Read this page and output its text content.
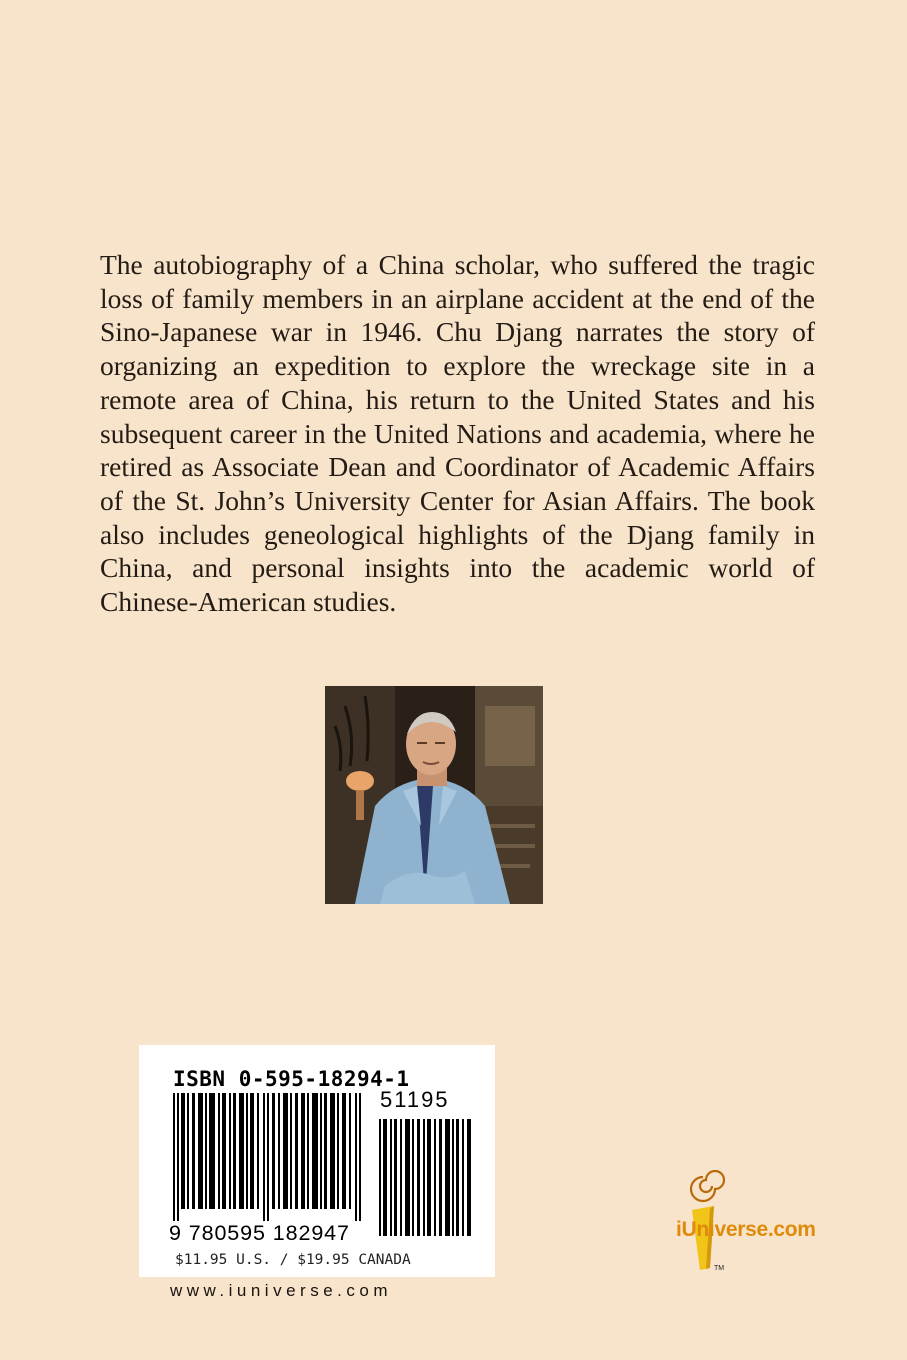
The autobiography of a China scholar, who suffered the tragic loss of family members in an airplane accident at the end of the Sino-Japanese war in 1946. Chu Djang narrates the story of organizing an expedition to explore the wreckage site in a remote area of China, his return to the United States and his subsequent career in the United Nations and academia, where he retired as Associate Dean and Coordinator of Academic Affairs of the St. John’s University Center for Asian Affairs. The book also includes geneological highlights of the Djang family in China, and personal insights into the academic world of Chinese-American studies.

ISBN 0-595-18294-1
51195
9 780595 182947
$11.95 U.S. / $19.95 CANADA
www.iuniverse.com
TM
iUniverse.com
